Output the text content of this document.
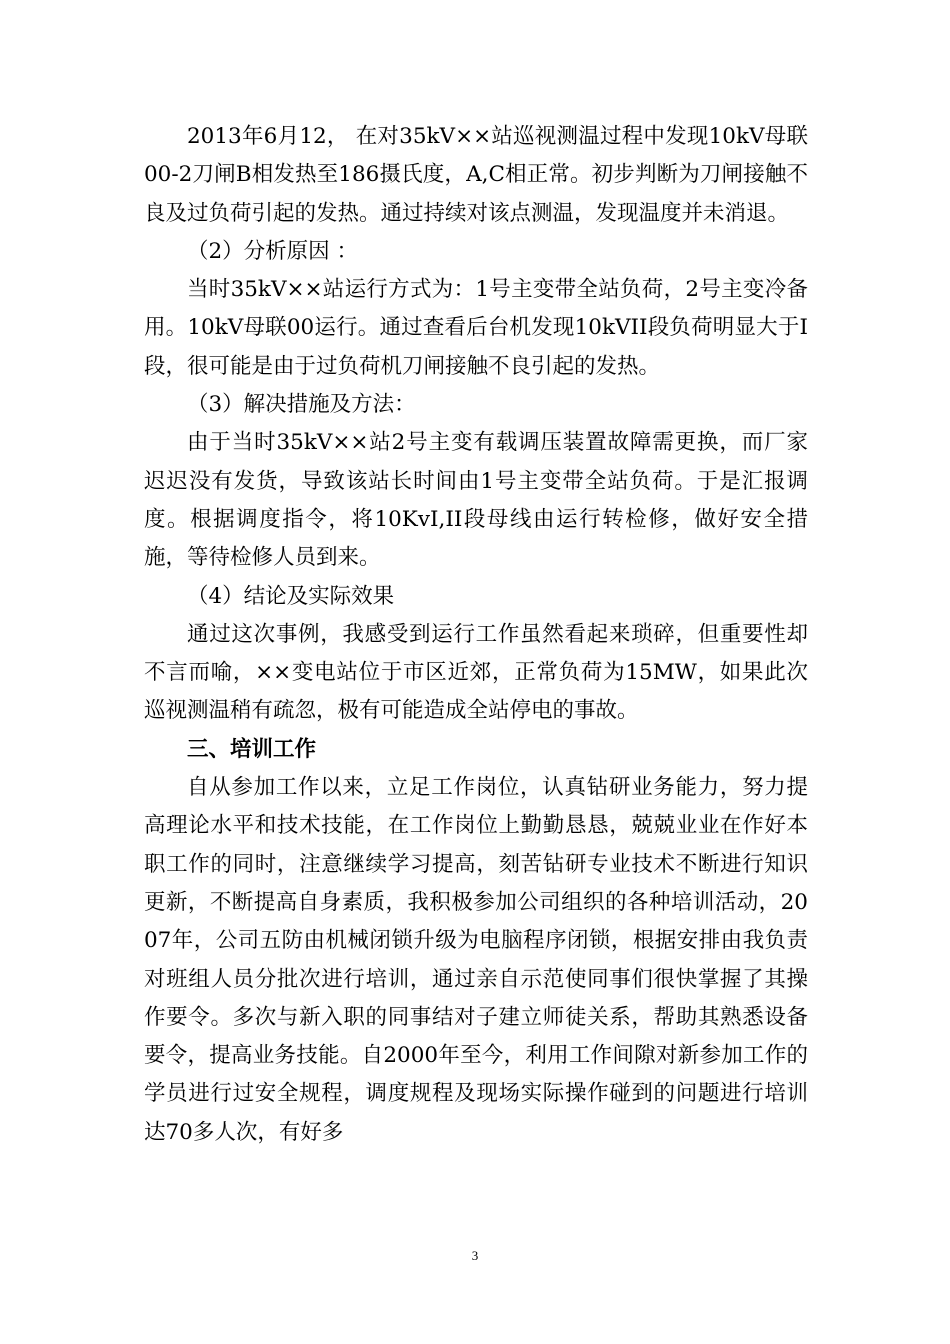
2013年6月12， 在对35kV××站巡视测温过程中发现10kV母联00-2刀闸B相发热至186摄氏度，A,C相正常。初步判断为刀闸接触不良及过负荷引起的发热。通过持续对该点测温，发现温度并未消退。

（2）分析原因 ：

当时35kV××站运行方式为：1号主变带全站负荷，2号主变冷备用。10kV母联00运行。通过查看后台机发现10kVII段负荷明显大于I段，很可能是由于过负荷机刀闸接触不良引起的发热。

（3）解决措施及方法：

由于当时35kV××站2号主变有载调压装置故障需更换，而厂家迟迟没有发货，导致该站长时间由1号主变带全站负荷。于是汇报调度。根据调度指令，将10KvI,II段母线由运行转检修，做好安全措施，等待检修人员到来。

（4）结论及实际效果

通过这次事例，我感受到运行工作虽然看起来琐碎，但重要性却不言而喻，××变电站位于市区近郊，正常负荷为15MW，如果此次巡视测温稍有疏忽，极有可能造成全站停电的事故。

三、培训工作

自从参加工作以来，立足工作岗位，认真钻研业务能力，努力提高理论水平和技术技能，在工作岗位上勤勤恳恳，兢兢业业在作好本职工作的同时，注意继续学习提高，刻苦钻研专业技术不断进行知识更新，不断提高自身素质，我积极参加公司组织的各种培训活动，2007年，公司五防由机械闭锁升级为电脑程序闭锁，根据安排由我负责对班组人员分批次进行培训，通过亲自示范使同事们很快掌握了其操作要令。多次与新入职的同事结对子建立师徒关系，帮助其熟悉设备要令，提高业务技能。自2000年至今，利用工作间隙对新参加工作的学员进行过安全规程，调度规程及现场实际操作碰到的问题进行培训达70多人次，有好多

3
